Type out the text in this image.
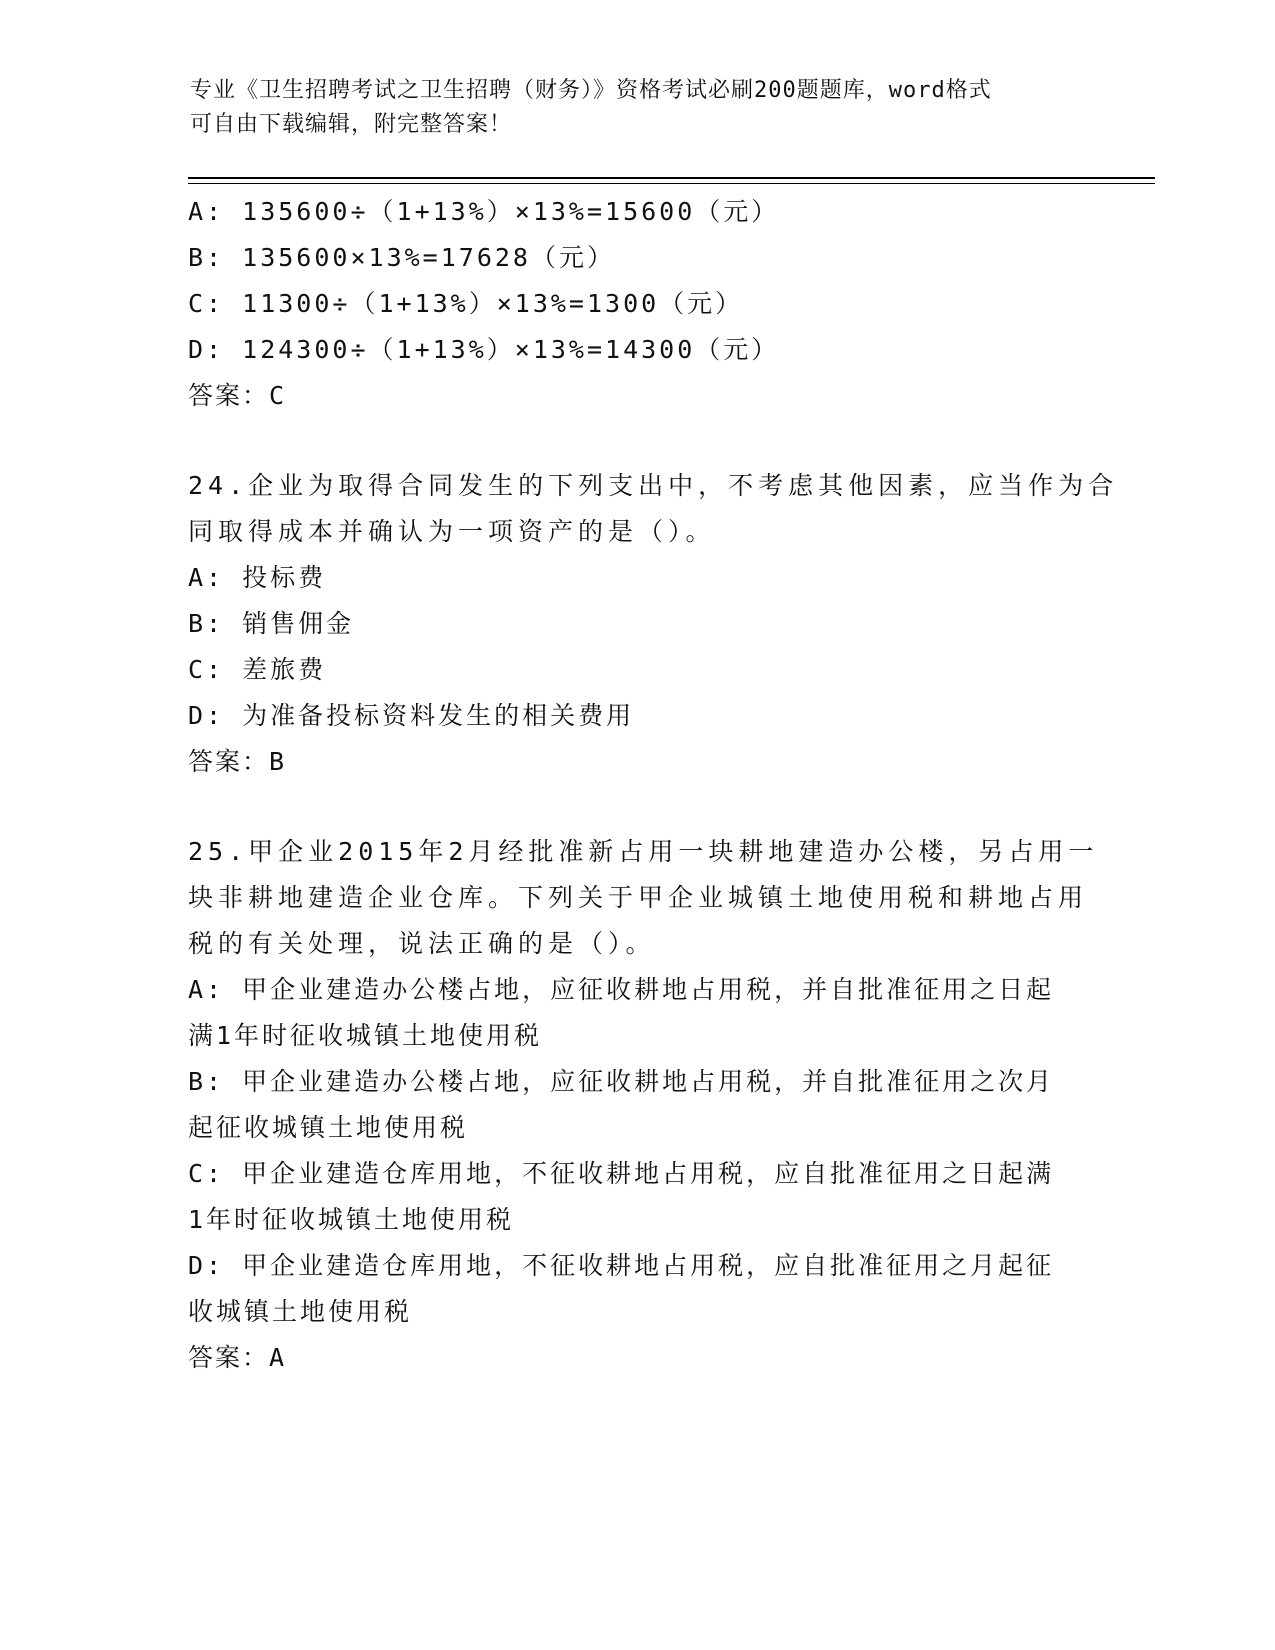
专业《卫生招聘考试之卫生招聘（财务）》资格考试必刷200题题库，word格式
可自由下载编辑，附完整答案！
A: 135600÷（1+13%）×13%=15600（元）
B: 135600×13%=17628（元）
C: 11300÷（1+13%）×13%=1300（元）
D: 124300÷（1+13%）×13%=14300（元）
答案：C
24.企业为取得合同发生的下列支出中，不考虑其他因素，应当作为合
同取得成本并确认为一项资产的是（）。
A: 投标费
B: 销售佣金
C: 差旅费
D: 为准备投标资料发生的相关费用
答案：B
25.甲企业2015年2月经批准新占用一块耕地建造办公楼，另占用一
块非耕地建造企业仓库。下列关于甲企业城镇土地使用税和耕地占用
税的有关处理，说法正确的是（）。
A: 甲企业建造办公楼占地，应征收耕地占用税，并自批准征用之日起
满1年时征收城镇土地使用税
B: 甲企业建造办公楼占地，应征收耕地占用税，并自批准征用之次月
起征收城镇土地使用税
C: 甲企业建造仓库用地，不征收耕地占用税，应自批准征用之日起满
1年时征收城镇土地使用税
D: 甲企业建造仓库用地，不征收耕地占用税，应自批准征用之月起征
收城镇土地使用税
答案：A
